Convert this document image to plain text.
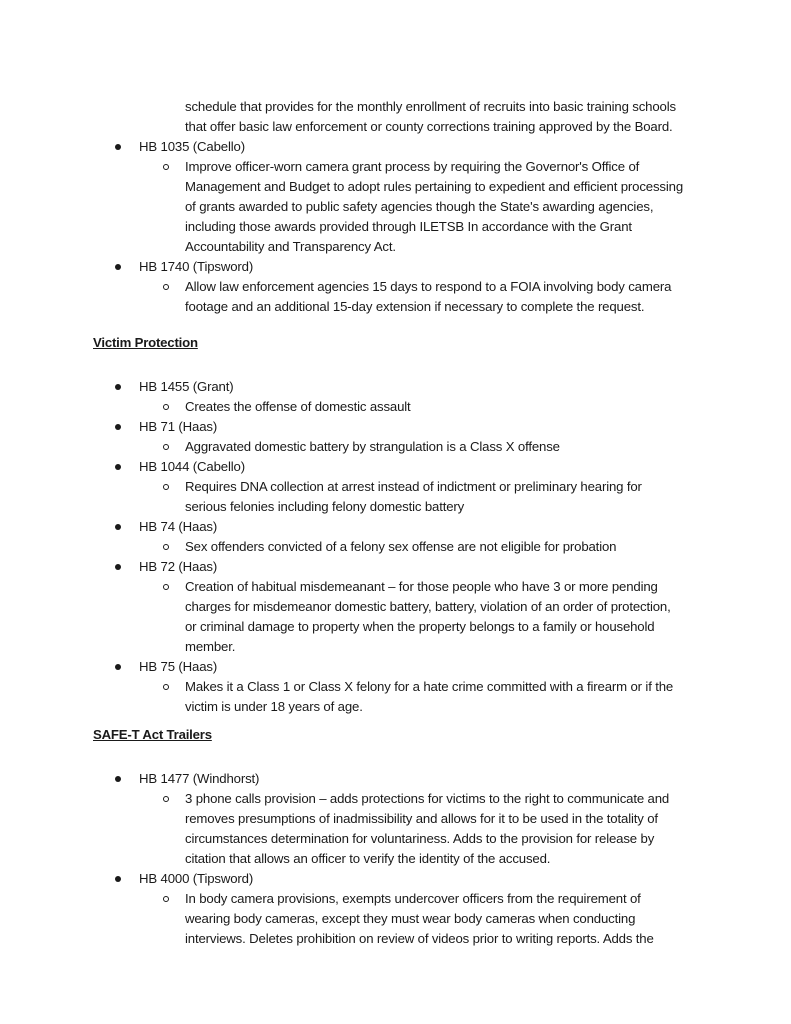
schedule that provides for the monthly enrollment of recruits into basic training schools
that offer basic law enforcement or county corrections training approved by the Board.
HB 1035 (Cabello)
Improve officer-worn camera grant process by requiring the Governor's Office of
Management and Budget to adopt rules pertaining to expedient and efficient processing
of grants awarded to public safety agencies though the State's awarding agencies,
including those awards provided through ILETSB In accordance with the Grant
Accountability and Transparency Act.
HB 1740 (Tipsword)
Allow law enforcement agencies 15 days to respond to a FOIA involving body camera
footage and an additional 15-day extension if necessary to complete the request.
Victim Protection
HB 1455 (Grant)
Creates the offense of domestic assault
HB 71 (Haas)
Aggravated domestic battery by strangulation is a Class X offense
HB 1044 (Cabello)
Requires DNA collection at arrest instead of indictment or preliminary hearing for
serious felonies including felony domestic battery
HB 74 (Haas)
Sex offenders convicted of a felony sex offense are not eligible for probation
HB 72 (Haas)
Creation of habitual misdemeanant – for those people who have 3 or more pending
charges for misdemeanor domestic battery, battery, violation of an order of protection,
or criminal damage to property when the property belongs to a family or household
member.
HB 75 (Haas)
Makes it a Class 1 or Class X felony for a hate crime committed with a firearm or if the
victim is under 18 years of age.
SAFE-T Act Trailers
HB 1477 (Windhorst)
3 phone calls provision – adds protections for victims to the right to communicate and
removes presumptions of inadmissibility and allows for it to be used in the totality of
circumstances determination for voluntariness. Adds to the provision for release by
citation that allows an officer to verify the identity of the accused.
HB 4000 (Tipsword)
In body camera provisions, exempts undercover officers from the requirement of
wearing body cameras, except they must wear body cameras when conducting
interviews. Deletes prohibition on review of videos prior to writing reports. Adds the
